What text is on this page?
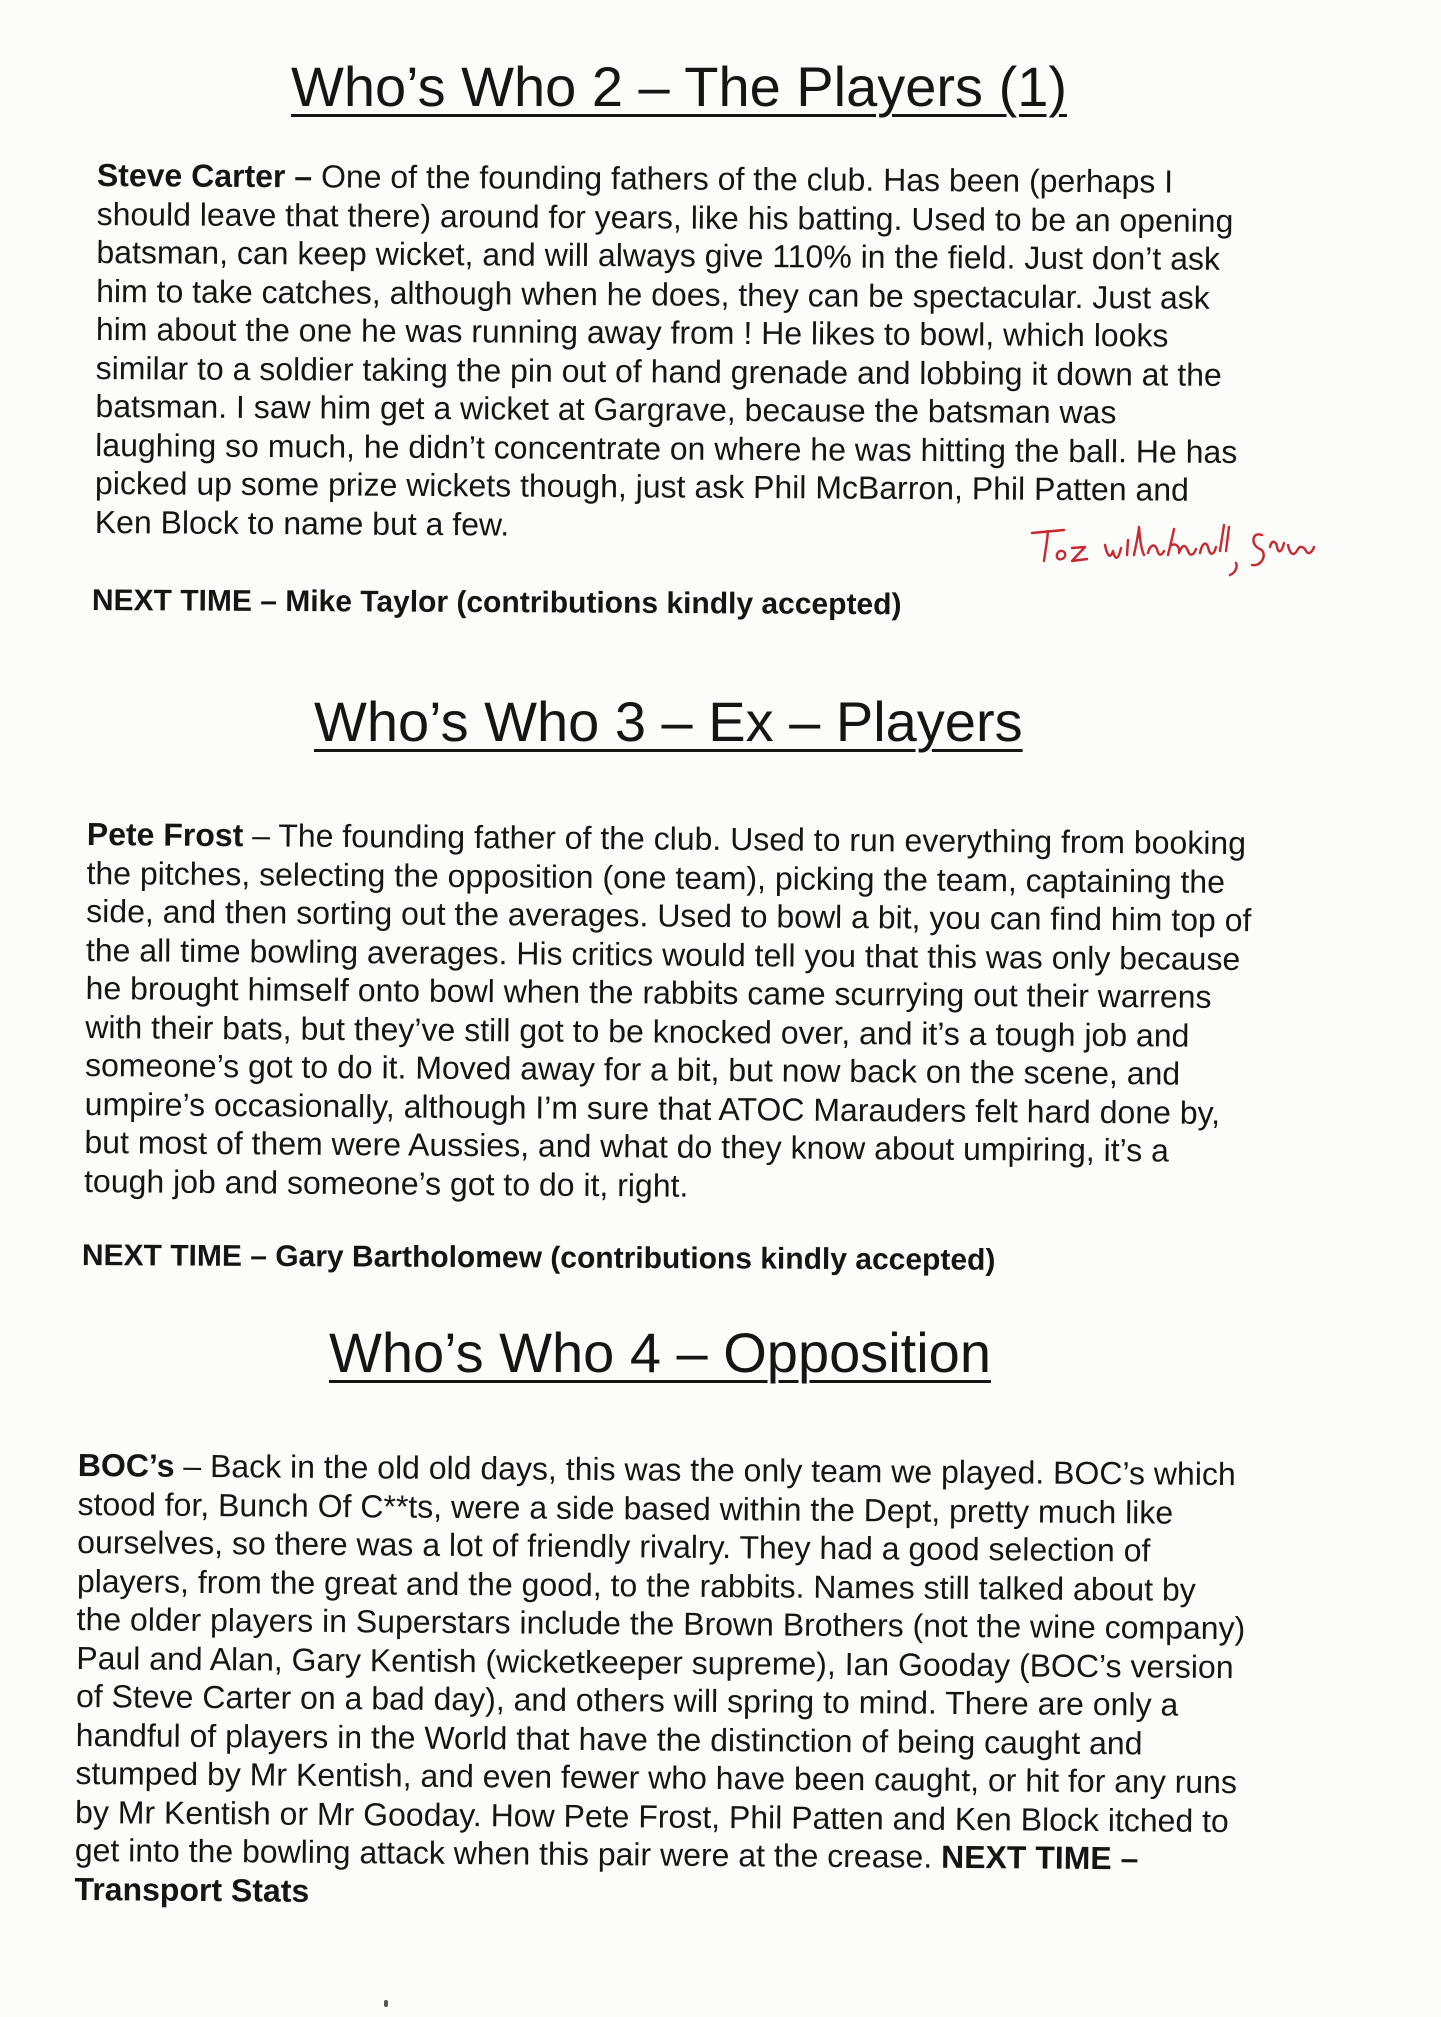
Who’s Who 2 – The Players (1)

Steve Carter – One of the founding fathers of the club. Has been (perhaps I should leave that there) around for years, like his batting. Used to be an opening batsman, can keep wicket, and will always give 110% in the field. Just don’t ask him to take catches, although when he does, they can be spectacular. Just ask him about the one he was running away from ! He likes to bowl, which looks similar to a soldier taking the pin out of hand grenade and lobbing it down at the batsman. I saw him get a wicket at Gargrave, because the batsman was laughing so much, he didn’t concentrate on where he was hitting the ball. He has picked up some prize wickets though, just ask Phil McBarron, Phil Patten and Ken Block to name but a few.

NEXT TIME – Mike Taylor (contributions kindly accepted)

Who’s Who 3 – Ex – Players

Pete Frost – The founding father of the club. Used to run everything from booking the pitches, selecting the opposition (one team), picking the team, captaining the side, and then sorting out the averages. Used to bowl a bit, you can find him top of the all time bowling averages. His critics would tell you that this was only because he brought himself onto bowl when the rabbits came scurrying out their warrens with their bats, but they’ve still got to be knocked over, and it’s a tough job and someone’s got to do it. Moved away for a bit, but now back on the scene, and umpire’s occasionally, although I’m sure that ATOC Marauders felt hard done by, but most of them were Aussies, and what do they know about umpiring, it’s a tough job and someone’s got to do it, right.

NEXT TIME – Gary Bartholomew (contributions kindly accepted)

Who’s Who 4 – Opposition

BOC’s – Back in the old old days, this was the only team we played. BOC’s which stood for, Bunch Of C**ts, were a side based within the Dept, pretty much like ourselves, so there was a lot of friendly rivalry. They had a good selection of players, from the great and the good, to the rabbits. Names still talked about by the older players in Superstars include the Brown Brothers (not the wine company) Paul and Alan, Gary Kentish (wicketkeeper supreme), Ian Gooday (BOC’s version of Steve Carter on a bad day), and others will spring to mind. There are only a handful of players in the World that have the distinction of being caught and stumped by Mr Kentish, and even fewer who have been caught, or hit for any runs by Mr Kentish or Mr Gooday. How Pete Frost, Phil Patten and Ken Block itched to get into the bowling attack when this pair were at the crease. NEXT TIME – Transport Stats
